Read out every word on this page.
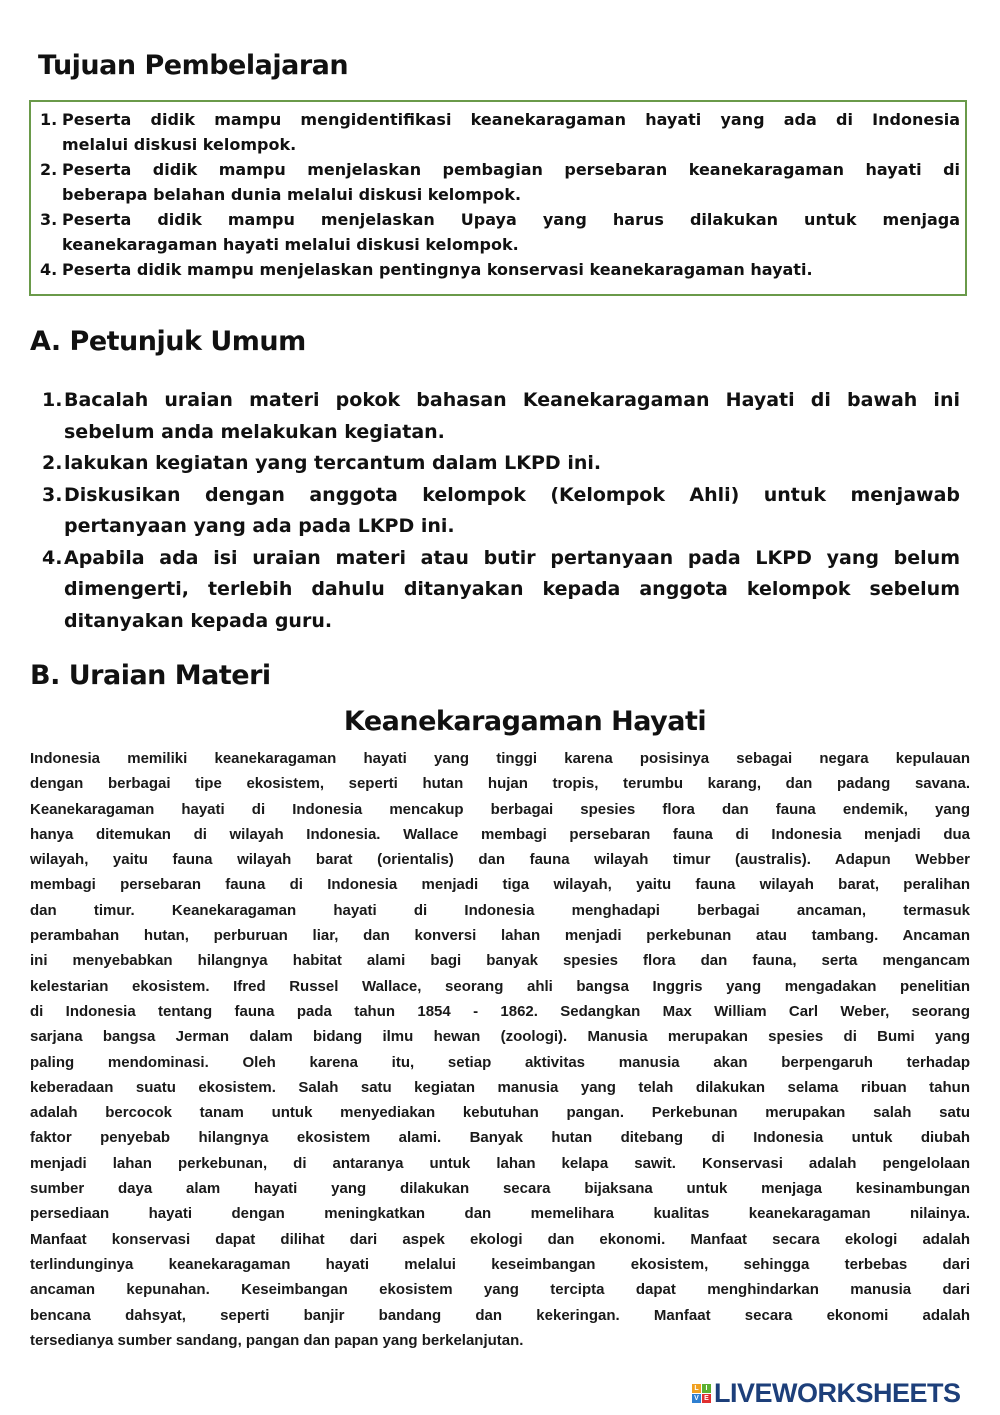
Tujuan Pembelajaran
1. Peserta didik mampu mengidentifikasi keanekaragaman hayati yang ada di Indonesia
melalui diskusi kelompok.
2. Peserta didik mampu menjelaskan pembagian persebaran keanekaragaman hayati di
beberapa belahan dunia melalui diskusi kelompok.
3. Peserta didik mampu menjelaskan Upaya yang harus dilakukan untuk menjaga
keanekaragaman hayati melalui diskusi kelompok.
4. Peserta didik mampu menjelaskan pentingnya konservasi keanekaragaman hayati.
A. Petunjuk Umum
1. Bacalah uraian materi pokok bahasan Keanekaragaman Hayati di bawah ini
sebelum anda melakukan kegiatan.
2. lakukan kegiatan yang tercantum dalam LKPD ini.
3. Diskusikan dengan anggota kelompok (Kelompok Ahli) untuk menjawab
pertanyaan yang ada pada LKPD ini.
4. Apabila ada isi uraian materi atau butir pertanyaan pada LKPD yang belum
dimengerti, terlebih dahulu ditanyakan kepada anggota kelompok sebelum
ditanyakan kepada guru.
B. Uraian Materi
Keanekaragaman Hayati
Indonesia memiliki keanekaragaman hayati yang tinggi karena posisinya sebagai negara kepulauan
dengan berbagai tipe ekosistem, seperti hutan hujan tropis, terumbu karang, dan padang savana.
Keanekaragaman hayati di Indonesia mencakup berbagai spesies flora dan fauna endemik, yang
hanya ditemukan di wilayah Indonesia. Wallace membagi persebaran fauna di Indonesia menjadi dua
wilayah, yaitu fauna wilayah barat (orientalis) dan fauna wilayah timur (australis). Adapun Webber
membagi persebaran fauna di Indonesia menjadi tiga wilayah, yaitu fauna wilayah barat, peralihan
dan timur. Keanekaragaman hayati di Indonesia menghadapi berbagai ancaman, termasuk
perambahan hutan, perburuan liar, dan konversi lahan menjadi perkebunan atau tambang. Ancaman
ini menyebabkan hilangnya habitat alami bagi banyak spesies flora dan fauna, serta mengancam
kelestarian ekosistem. Ifred Russel Wallace, seorang ahli bangsa Inggris yang mengadakan penelitian
di Indonesia tentang fauna pada tahun 1854 - 1862. Sedangkan Max William Carl Weber, seorang
sarjana bangsa Jerman dalam bidang ilmu hewan (zoologi). Manusia merupakan spesies di Bumi yang
paling mendominasi. Oleh karena itu, setiap aktivitas manusia akan berpengaruh terhadap
keberadaan suatu ekosistem. Salah satu kegiatan manusia yang telah dilakukan selama ribuan tahun
adalah bercocok tanam untuk menyediakan kebutuhan pangan. Perkebunan merupakan salah satu
faktor penyebab hilangnya ekosistem alami. Banyak hutan ditebang di Indonesia untuk diubah
menjadi lahan perkebunan, di antaranya untuk lahan kelapa sawit. Konservasi adalah pengelolaan
sumber daya alam hayati yang dilakukan secara bijaksana untuk menjaga kesinambungan
persediaan hayati dengan meningkatkan dan memelihara kualitas keanekaragaman nilainya.
Manfaat konservasi dapat dilihat dari aspek ekologi dan ekonomi. Manfaat secara ekologi adalah
terlindunginya keanekaragaman hayati melalui keseimbangan ekosistem, sehingga terbebas dari
ancaman kepunahan. Keseimbangan ekosistem yang tercipta dapat menghindarkan manusia dari
bencana dahsyat, seperti banjir bandang dan kekeringan. Manfaat secara ekonomi adalah
tersedianya sumber sandang, pangan dan papan yang berkelanjutan.
L I
V E LIVEWORKSHEETS
